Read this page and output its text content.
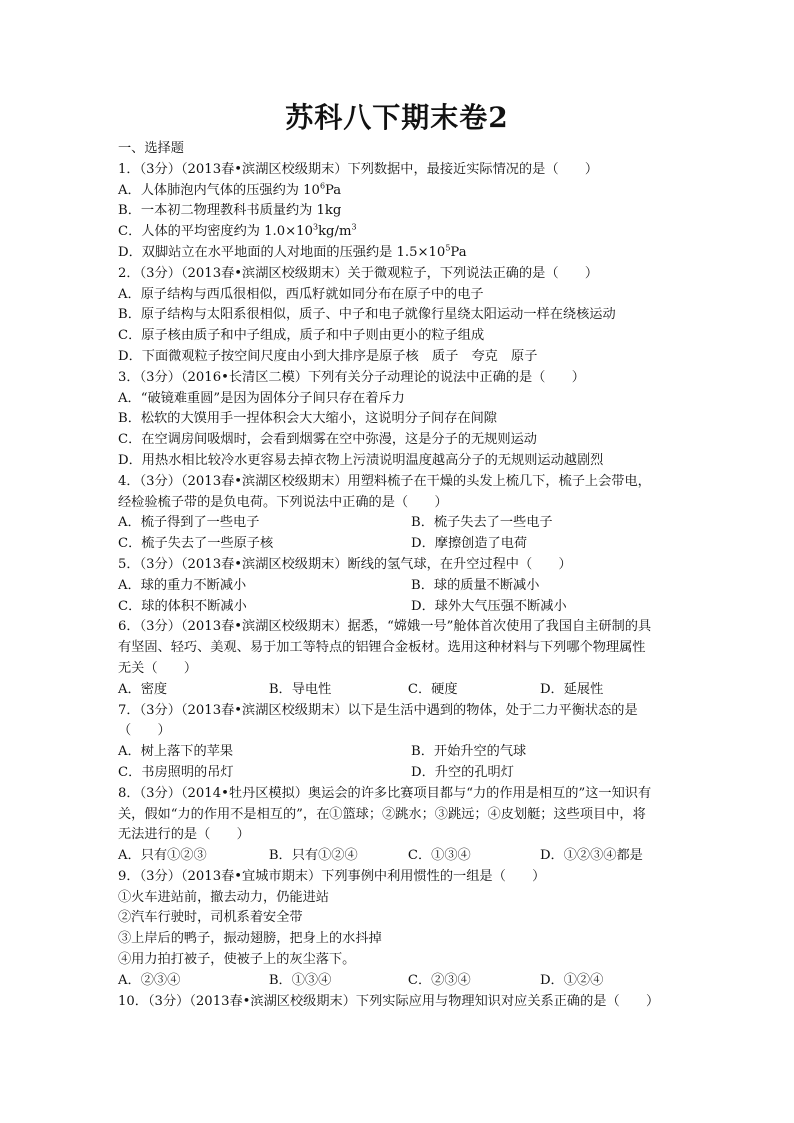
苏科八下期末卷2
一、选择题
1．（3分）（2013春•滨湖区校级期末）下列数据中，最接近实际情况的是（　　）
A．人体肺泡内气体的压强约为 $10^6Pa$
B．一本初二物理教科书质量约为 1kg
C．人体的平均密度约为 $1.0\times 10^3kg/m^3$
D．双脚站立在水平地面的人对地面的压强约是 $1.5\times 10^5Pa$
2．（3分）（2013春•滨湖区校级期末）关于微观粒子，下列说法正确的是（　　）
A．原子结构与西瓜很相似，西瓜籽就如同分布在原子中的电子
B．原子结构与太阳系很相似，质子、中子和电子就像行星绕太阳运动一样在绕核运动
C．原子核由质子和中子组成，质子和中子则由更小的粒子组成
D．下面微观粒子按空间尺度由小到大排序是原子核　质子　夸克　原子
3．（3分）（2016•长清区二模）下列有关分子动理论的说法中正确的是（　　）
A．“破镜难重圆”是因为固体分子间只存在着斥力
B．松软的大馍用手一捏体积会大大缩小，这说明分子间存在间隙
C．在空调房间吸烟时，会看到烟雾在空中弥漫，这是分子的无规则运动
D．用热水相比较冷水更容易去掉衣物上污渍说明温度越高分子的无规则运动越剧烈
4．（3分）（2013春•滨湖区校级期末）用塑料梳子在干燥的头发上梳几下，梳子上会带电，
经检验梳子带的是负电荷。下列说法中正确的是（　　）
A．梳子得到了一些电子	B．梳子失去了一些电子
C．梳子失去了一些原子核	D．摩擦创造了电荷
5．（3分）（2013春•滨湖区校级期末）断线的氢气球，在升空过程中（　　）
A．球的重力不断减小	B．球的质量不断减小
C．球的体积不断减小	D．球外大气压强不断减小
6．（3分）（2013春•滨湖区校级期末）据悉，“嫦娥一号”舱体首次使用了我国自主研制的具
有坚固、轻巧、美观、易于加工等特点的铝锂合金板材。选用这种材料与下列哪个物理属性
无关（　　）
A．密度	B．导电性	C．硬度	D．延展性
7．（3分）（2013春•滨湖区校级期末）以下是生活中遇到的物体，处于二力平衡状态的是
（　　）
A．树上落下的苹果	B．开始升空的气球
C．书房照明的吊灯	D．升空的孔明灯
8．（3分）（2014•牡丹区模拟）奥运会的许多比赛项目都与“力的作用是相互的”这一知识有
关，假如“力的作用不是相互的”，在①篮球；②跳水；③跳远；④皮划艇；这些项目中，将
无法进行的是（　　）
A．只有①②③	B．只有①②④	C．①③④	D．①②③④都是
9．（3分）（2013春•宜城市期末）下列事例中利用惯性的一组是（　　）
①火车进站前，撤去动力，仍能进站
②汽车行驶时，司机系着安全带
③上岸后的鸭子，振动翅膀，把身上的水抖掉
④用力拍打被子，使被子上的灰尘落下。
A．②③④	B．①③④	C．②③④	D．①②④
10．（3分）（2013春•滨湖区校级期末）下列实际应用与物理知识对应关系正确的是（　　）
